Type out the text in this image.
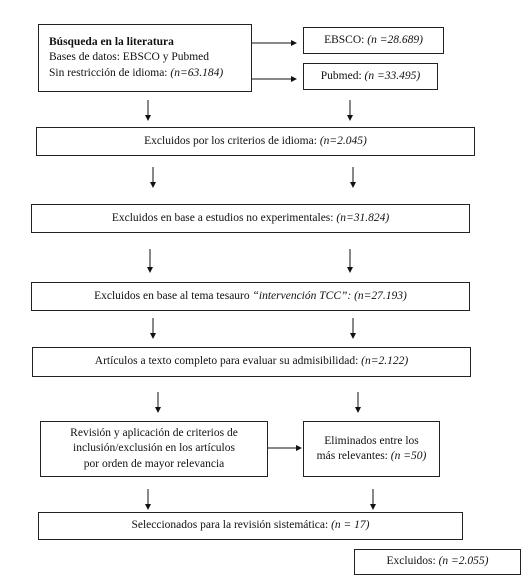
Búsqueda en la literatura
Bases de datos: EBSCO y Pubmed
Sin restricción de idioma: (n=63.184)
EBSCO: (n =28.689)
Pubmed: (n =33.495)
Excluidos por los criterios de idioma: (n=2.045)
Excluidos en base a estudios no experimentales: (n=31.824)
Excluidos en base al tema tesauro “intervención TCC”: (n=27.193)
Artículos a texto completo para evaluar su admisibilidad: (n=2.122)
Revisión y aplicación de criterios de
inclusión/exclusión en los artículos
por orden de mayor relevancia
Eliminados entre los
más relevantes: (n =50)
Seleccionados para la revisión sistemática: (n = 17)
Excluidos: (n =2.055)
